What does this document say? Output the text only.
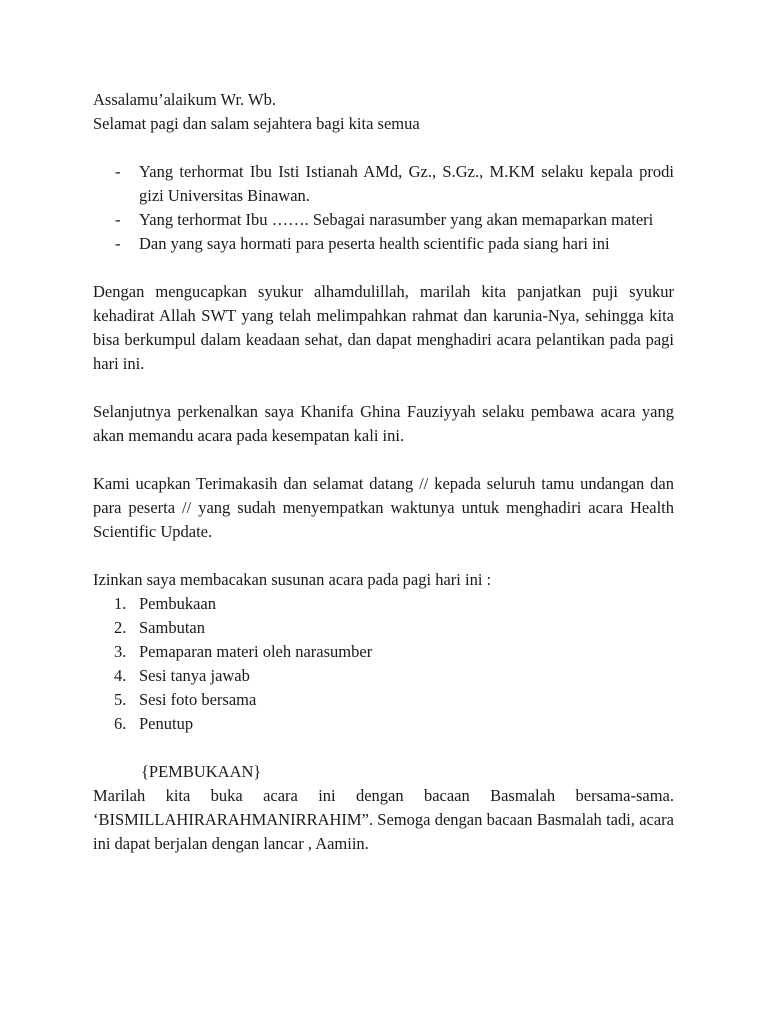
Assalamu’alaikum Wr. Wb.
Selamat pagi dan salam sejahtera bagi kita semua
- Yang terhormat Ibu Isti Istianah AMd, Gz., S.Gz., M.KM selaku kepala prodi gizi Universitas Binawan.
- Yang terhormat Ibu ……. Sebagai narasumber yang akan memaparkan materi
- Dan yang saya hormati para peserta health scientific pada siang hari ini
Dengan mengucapkan syukur alhamdulillah, marilah kita panjatkan puji syukur kehadirat Allah SWT yang telah melimpahkan rahmat dan karunia-Nya, sehingga kita bisa berkumpul dalam keadaan sehat, dan dapat menghadiri acara pelantikan pada pagi hari ini.
Selanjutnya perkenalkan saya Khanifa Ghina Fauziyyah selaku pembawa acara yang akan memandu acara pada kesempatan kali ini.
Kami ucapkan Terimakasih dan selamat datang // kepada seluruh tamu undangan dan para peserta // yang sudah menyempatkan waktunya untuk menghadiri acara Health Scientific Update.
Izinkan saya membacakan susunan acara pada pagi hari ini :
1. Pembukaan
2. Sambutan
3. Pemaparan materi oleh narasumber
4. Sesi tanya jawab
5. Sesi foto bersama
6. Penutup
{PEMBUKAAN}
Marilah kita buka acara ini dengan bacaan Basmalah bersama-sama. ‘BISMILLAHIRARAHMANIRRAHIM”. Semoga dengan bacaan Basmalah tadi, acara ini dapat berjalan dengan lancar , Aamiin.
